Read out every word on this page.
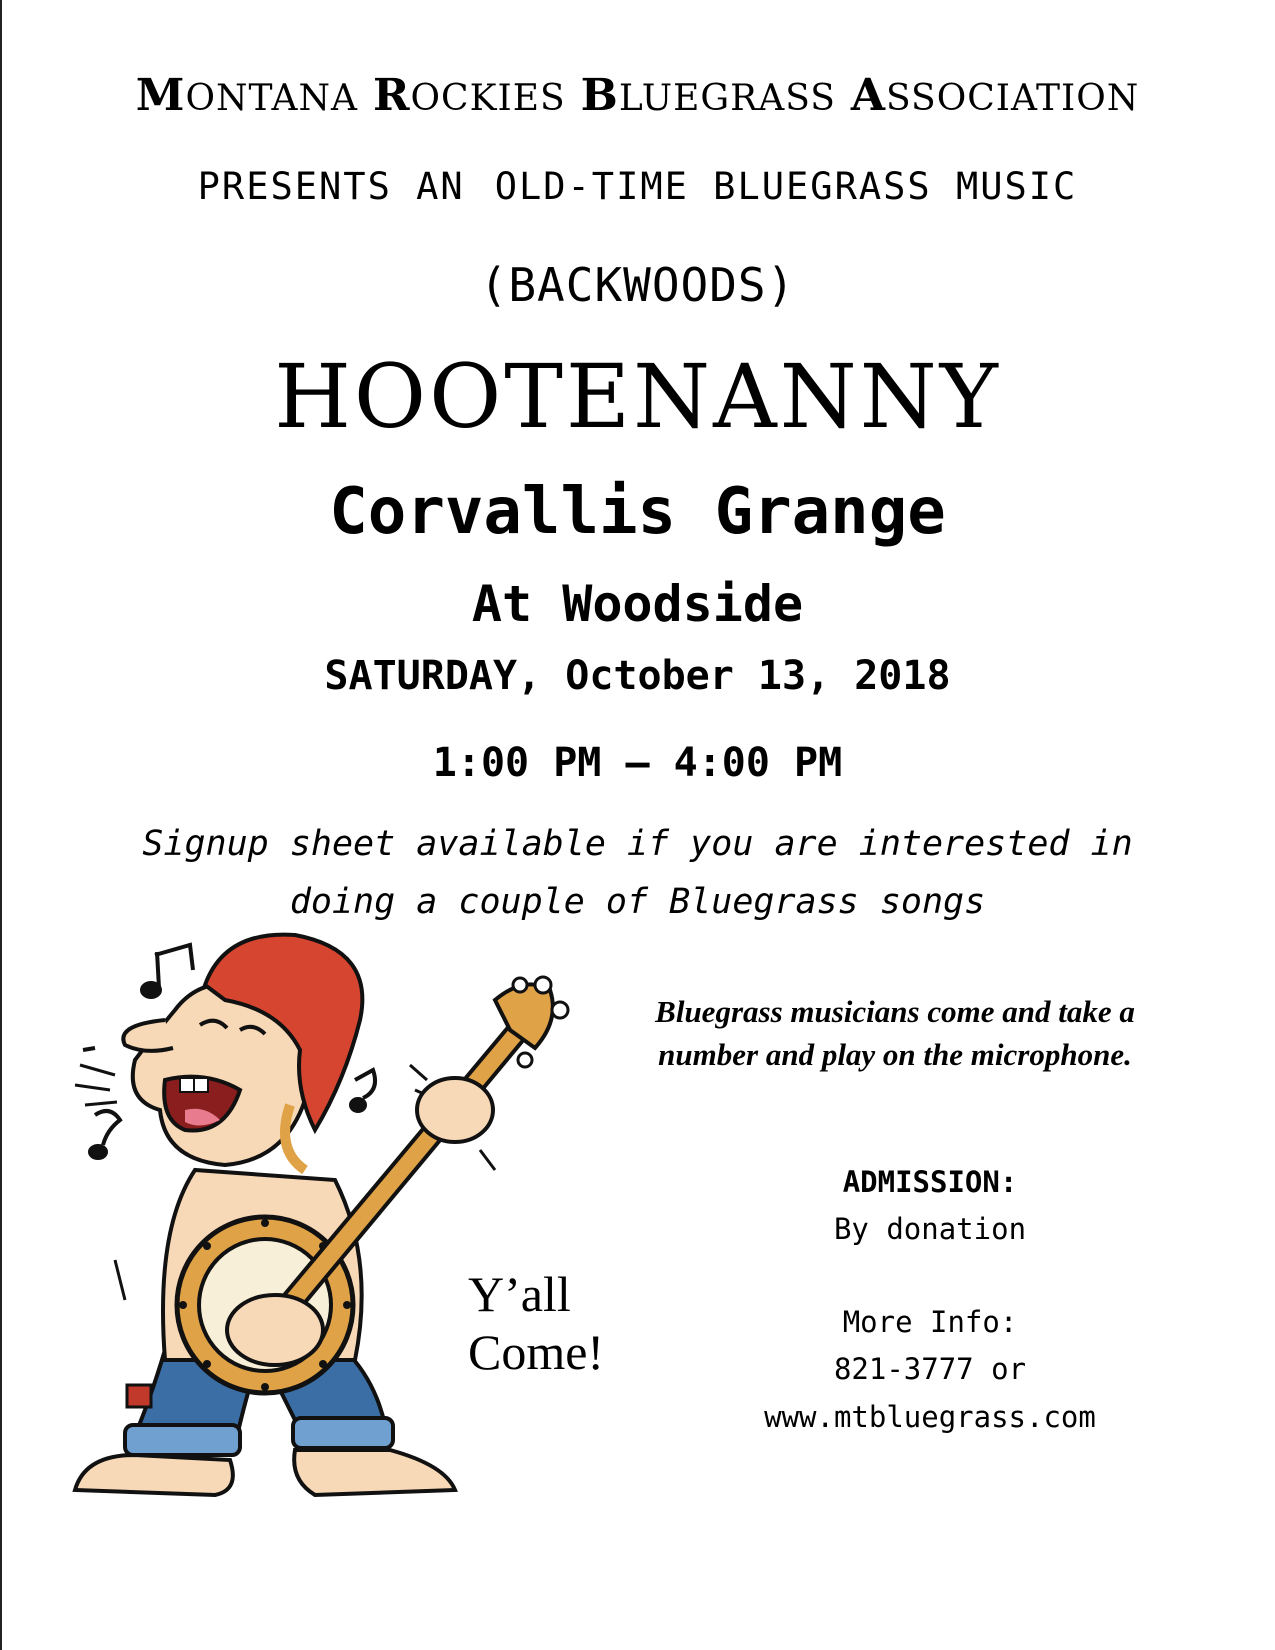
MONTANA ROCKIES BLUEGRASS ASSOCIATION
PRESENTS AN OLD-TIME BLUEGRASS MUSIC
(BACKWOODS)
HOOTENANNY
Corvallis Grange
At Woodside
SATURDAY, October 13, 2018
1:00 PM – 4:00 PM
Signup sheet available if you are interested in
doing a couple of Bluegrass songs
Bluegrass musicians come and take a
number and play on the microphone.
Y’all
Come!
ADMISSION:
By donation
More Info:
821-3777 or
www.mtbluegrass.com
